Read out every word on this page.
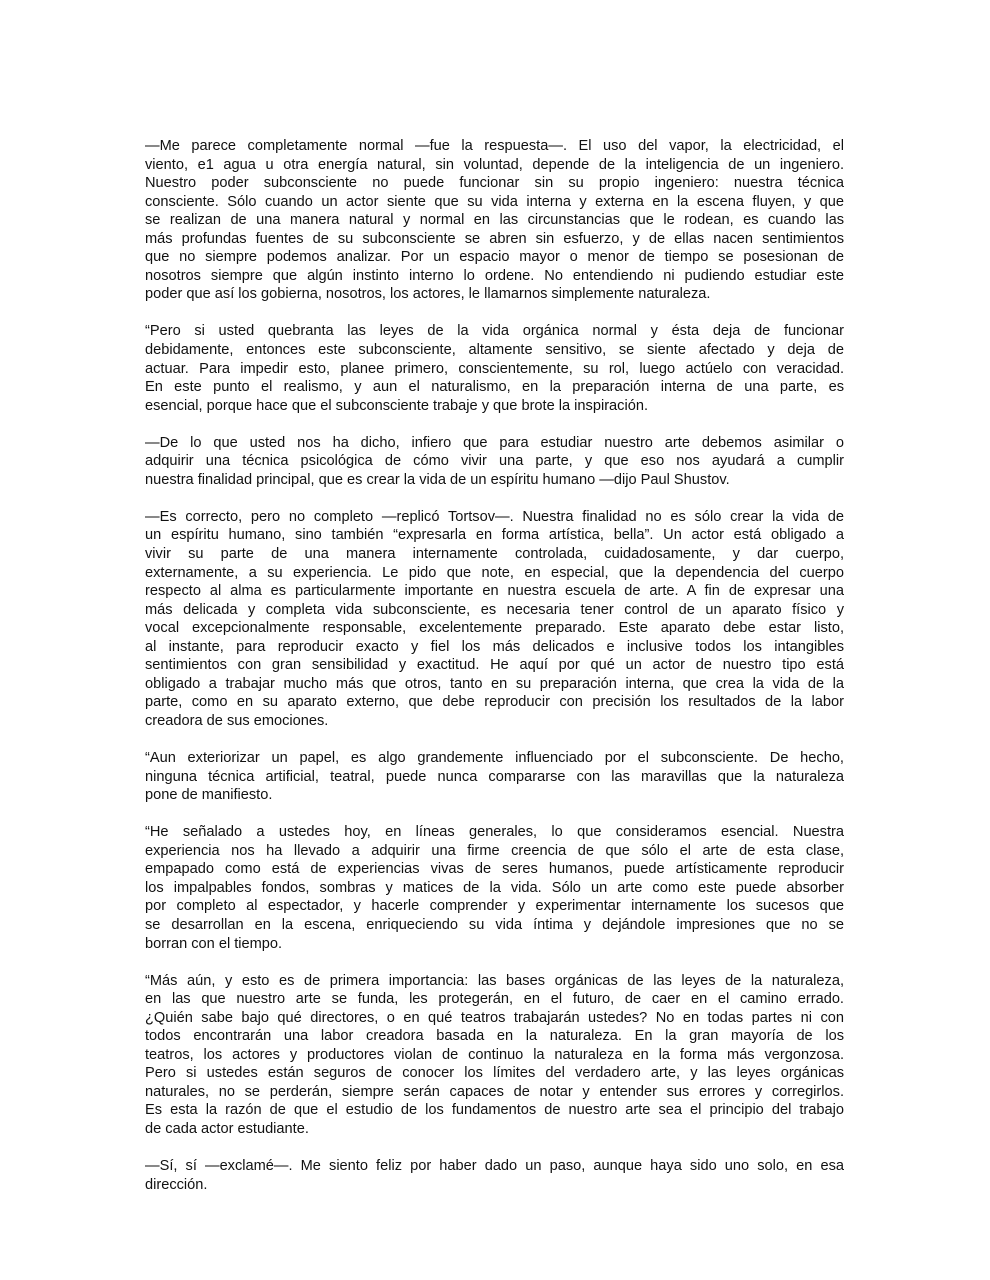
—Me parece completamente normal —fue la respuesta—. El uso del vapor, la electricidad, el
viento, e1 agua u otra energía natural, sin voluntad, depende de la inteligencia de un ingeniero.
Nuestro poder subconsciente no puede funcionar sin su propio ingeniero: nuestra técnica
consciente. Sólo cuando un actor siente que su vida interna y externa en la escena fluyen, y que
se realizan de una manera natural y normal en las circunstancias que le rodean, es cuando las
más profundas fuentes de su subconsciente se abren sin esfuerzo, y de ellas nacen sentimientos
que no siempre podemos analizar. Por un espacio mayor o menor de tiempo se posesionan de
nosotros siempre que algún instinto interno lo ordene. No entendiendo ni pudiendo estudiar este
poder que así los gobierna, nosotros, los actores, le llamarnos simplemente naturaleza.
“Pero si usted quebranta las leyes de la vida orgánica normal y ésta deja de funcionar
debidamente, entonces este subconsciente, altamente sensitivo, se siente afectado y deja de
actuar. Para impedir esto, planee primero, conscientemente, su rol, luego actúelo con veracidad.
En este punto el realismo, y aun el naturalismo, en la preparación interna de una parte, es
esencial, porque hace que el subconsciente trabaje y que brote la inspiración.
—De lo que usted nos ha dicho, infiero que para estudiar nuestro arte debemos asimilar o
adquirir una técnica psicológica de cómo vivir una parte, y que eso nos ayudará a cumplir
nuestra finalidad principal, que es crear la vida de un espíritu humano —dijo Paul Shustov.
—Es correcto, pero no completo —replicó Tortsov—. Nuestra finalidad no es sólo crear la vida de
un espíritu humano, sino también “expresarla en forma artística, bella”. Un actor está obligado a
vivir su parte de una manera internamente controlada, cuidadosamente, y dar cuerpo,
externamente, a su experiencia. Le pido que note, en especial, que la dependencia del cuerpo
respecto al alma es particularmente importante en nuestra escuela de arte. A fin de expresar una
más delicada y completa vida subconsciente, es necesaria tener control de un aparato físico y
vocal excepcionalmente responsable, excelentemente preparado. Este aparato debe estar listo,
al instante, para reproducir exacto y fiel los más delicados e inclusive todos los intangibles
sentimientos con gran sensibilidad y exactitud. He aquí por qué un actor de nuestro tipo está
obligado a trabajar mucho más que otros, tanto en su preparación interna, que crea la vida de la
parte, como en su aparato externo, que debe reproducir con precisión los resultados de la labor
creadora de sus emociones.
“Aun exteriorizar un papel, es algo grandemente influenciado por el subconsciente. De hecho,
ninguna técnica artificial, teatral, puede nunca compararse con las maravillas que la naturaleza
pone de manifiesto.
“He señalado a ustedes hoy, en líneas generales, lo que consideramos esencial. Nuestra
experiencia nos ha llevado a adquirir una firme creencia de que sólo el arte de esta clase,
empapado como está de experiencias vivas de seres humanos, puede artísticamente reproducir
los impalpables fondos, sombras y matices de la vida. Sólo un arte como este puede absorber
por completo al espectador, y hacerle comprender y experimentar internamente los sucesos que
se desarrollan en la escena, enriqueciendo su vida íntima y dejándole impresiones que no se
borran con el tiempo.
“Más aún, y esto es de primera importancia: las bases orgánicas de las leyes de la naturaleza,
en las que nuestro arte se funda, les protegerán, en el futuro, de caer en el camino errado.
¿Quién sabe bajo qué directores, o en qué teatros trabajarán ustedes? No en todas partes ni con
todos encontrarán una labor creadora basada en la naturaleza. En la gran mayoría de los
teatros, los actores y productores violan de continuo la naturaleza en la forma más vergonzosa.
Pero si ustedes están seguros de conocer los límites del verdadero arte, y las leyes orgánicas
naturales, no se perderán, siempre serán capaces de notar y entender sus errores y corregirlos.
Es esta la razón de que el estudio de los fundamentos de nuestro arte sea el principio del trabajo
de cada actor estudiante.
—Sí, sí —exclamé—. Me siento feliz por haber dado un paso, aunque haya sido uno solo, en esa
dirección.
